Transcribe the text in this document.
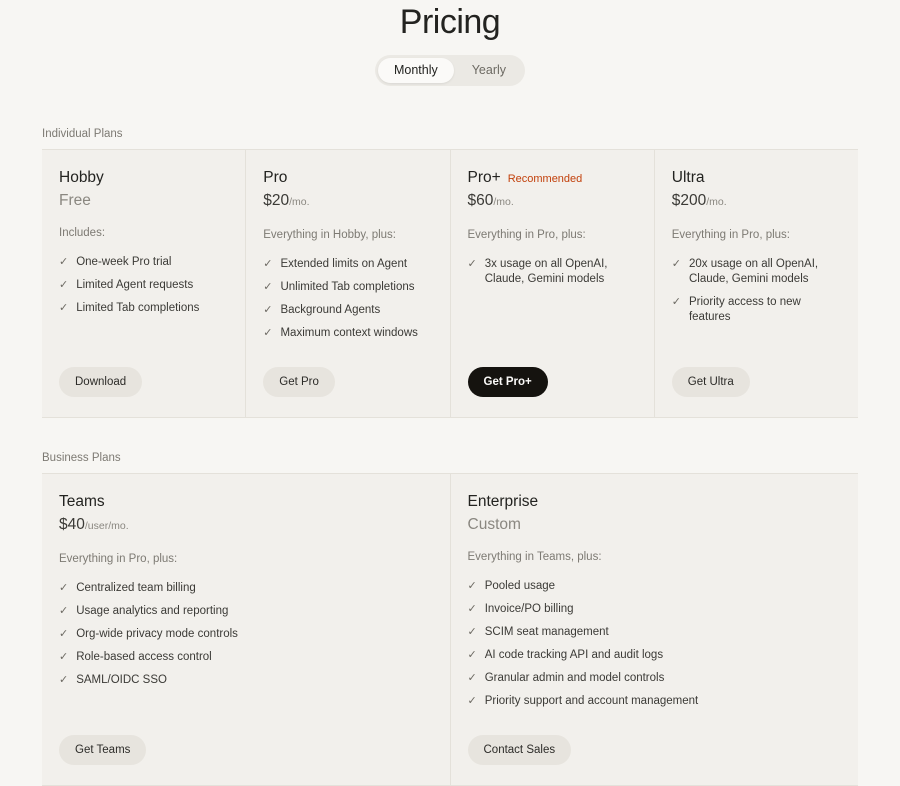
Pricing
Monthly	Yearly
Individual Plans
Hobby
Free
Includes:
✓ One-week Pro trial
✓ Limited Agent requests
✓ Limited Tab completions
Download
Pro
$20/mo.
Everything in Hobby, plus:
✓ Extended limits on Agent
✓ Unlimited Tab completions
✓ Background Agents
✓ Maximum context windows
Get Pro
Pro+ Recommended
$60/mo.
Everything in Pro, plus:
✓ 3x usage on all OpenAI, Claude, Gemini models
Get Pro+
Ultra
$200/mo.
Everything in Pro, plus:
✓ 20x usage on all OpenAI, Claude, Gemini models
✓ Priority access to new features
Get Ultra
Business Plans
Teams
$40/user/mo.
Everything in Pro, plus:
✓ Centralized team billing
✓ Usage analytics and reporting
✓ Org-wide privacy mode controls
✓ Role-based access control
✓ SAML/OIDC SSO
Get Teams
Enterprise
Custom
Everything in Teams, plus:
✓ Pooled usage
✓ Invoice/PO billing
✓ SCIM seat management
✓ AI code tracking API and audit logs
✓ Granular admin and model controls
✓ Priority support and account management
Contact Sales
